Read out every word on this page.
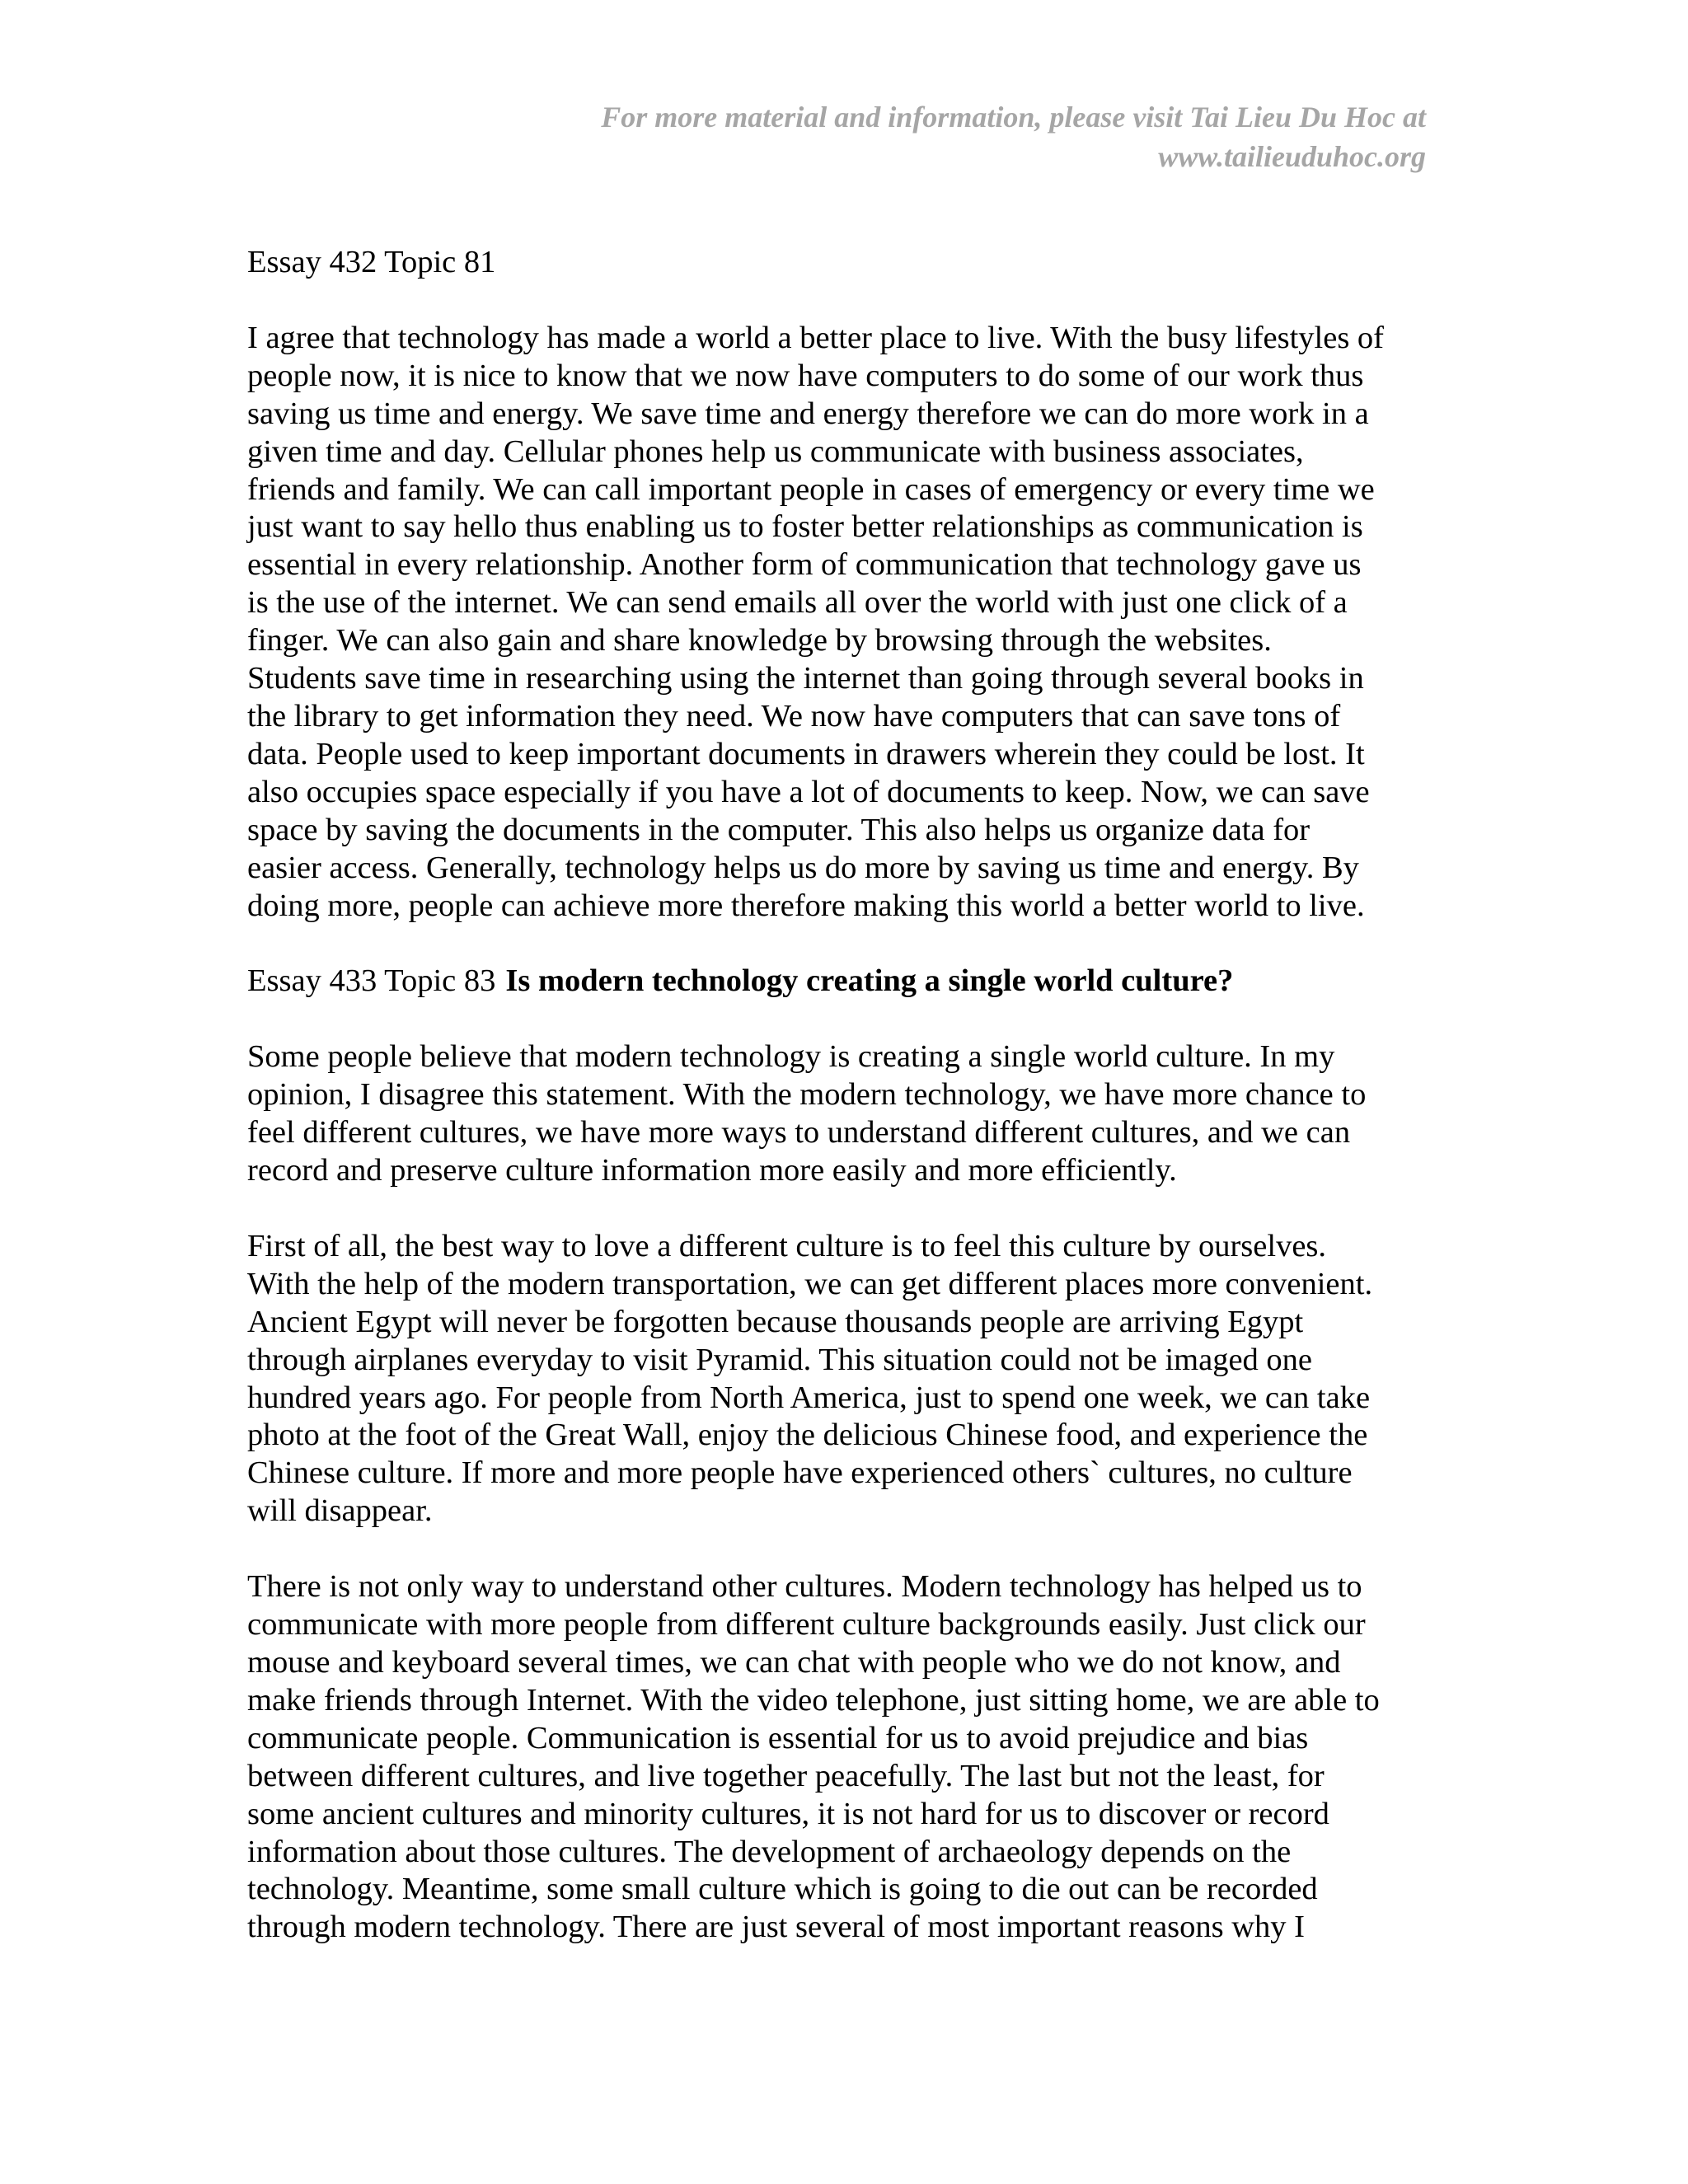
For more material and information, please visit Tai Lieu Du Hoc at
www.tailieuduhoc.org

Essay 432 Topic 81

I agree that technology has made a world a better place to live. With the busy lifestyles of
people now, it is nice to know that we now have computers to do some of our work thus
saving us time and energy. We save time and energy therefore we can do more work in a
given time and day. Cellular phones help us communicate with business associates,
friends and family. We can call important people in cases of emergency or every time we
just want to say hello thus enabling us to foster better relationships as communication is
essential in every relationship. Another form of communication that technology gave us
is the use of the internet. We can send emails all over the world with just one click of a
finger. We can also gain and share knowledge by browsing through the websites.
Students save time in researching using the internet than going through several books in
the library to get information they need. We now have computers that can save tons of
data. People used to keep important documents in drawers wherein they could be lost. It
also occupies space especially if you have a lot of documents to keep. Now, we can save
space by saving the documents in the computer. This also helps us organize data for
easier access. Generally, technology helps us do more by saving us time and energy. By
doing more, people can achieve more therefore making this world a better world to live.

Essay 433 Topic 83 Is modern technology creating a single world culture?

Some people believe that modern technology is creating a single world culture. In my
opinion, I disagree this statement. With the modern technology, we have more chance to
feel different cultures, we have more ways to understand different cultures, and we can
record and preserve culture information more easily and more efficiently.

First of all, the best way to love a different culture is to feel this culture by ourselves.
With the help of the modern transportation, we can get different places more convenient.
Ancient Egypt will never be forgotten because thousands people are arriving Egypt
through airplanes everyday to visit Pyramid. This situation could not be imaged one
hundred years ago. For people from North America, just to spend one week, we can take
photo at the foot of the Great Wall, enjoy the delicious Chinese food, and experience the
Chinese culture. If more and more people have experienced others` cultures, no culture
will disappear.

There is not only way to understand other cultures. Modern technology has helped us to
communicate with more people from different culture backgrounds easily. Just click our
mouse and keyboard several times, we can chat with people who we do not know, and
make friends through Internet. With the video telephone, just sitting home, we are able to
communicate people. Communication is essential for us to avoid prejudice and bias
between different cultures, and live together peacefully. The last but not the least, for
some ancient cultures and minority cultures, it is not hard for us to discover or record
information about those cultures. The development of archaeology depends on the
technology. Meantime, some small culture which is going to die out can be recorded
through modern technology. There are just several of most important reasons why I
